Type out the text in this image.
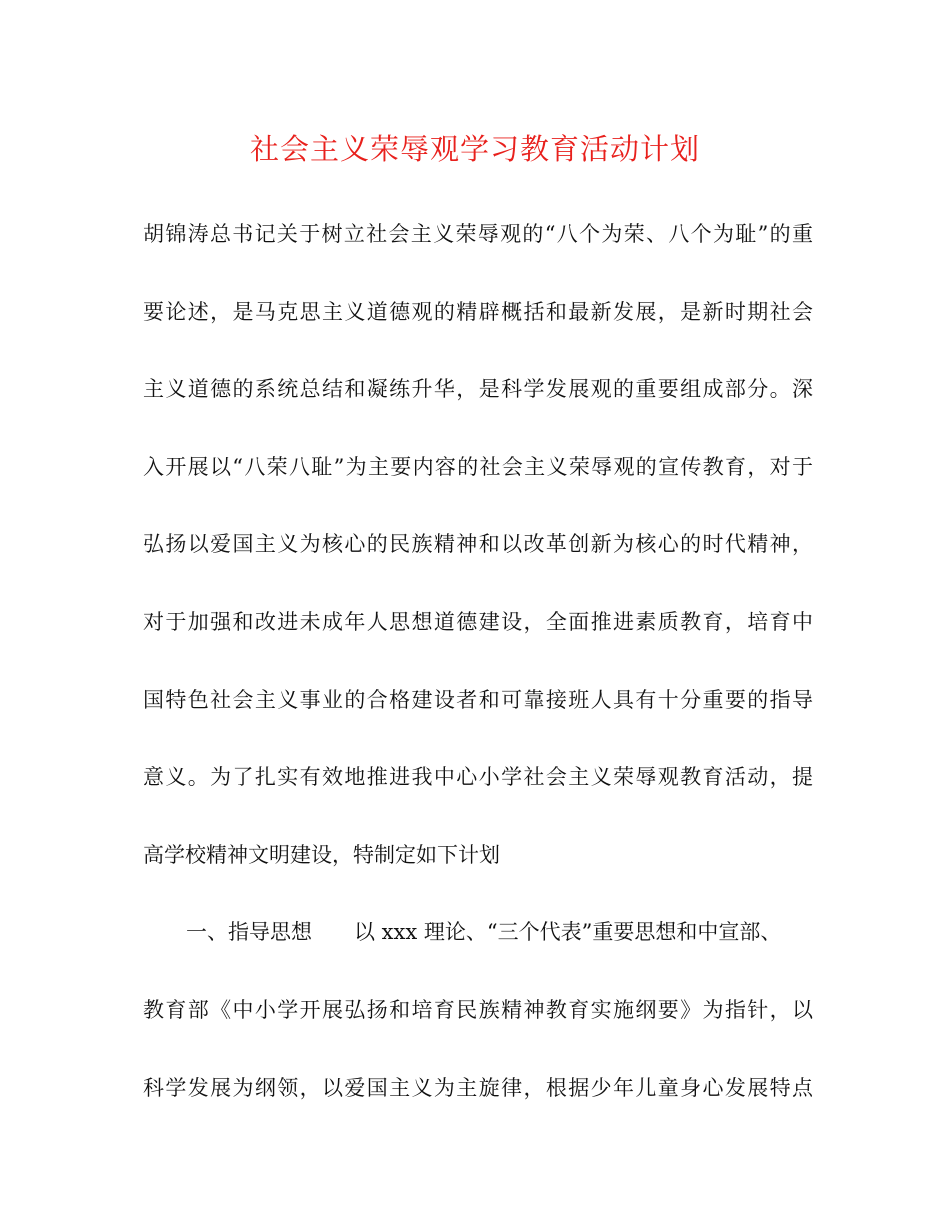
社会主义荣辱观学习教育活动计划
胡锦涛总书记关于树立社会主义荣辱观的“八个为荣、八个为耻”的重
要论述，是马克思主义道德观的精辟概括和最新发展，是新时期社会
主义道德的系统总结和凝练升华，是科学发展观的重要组成部分。深
入开展以“八荣八耻”为主要内容的社会主义荣辱观的宣传教育，对于
弘扬以爱国主义为核心的民族精神和以改革创新为核心的时代精神，
对于加强和改进未成年人思想道德建设，全面推进素质教育，培育中
国特色社会主义事业的合格建设者和可靠接班人具有十分重要的指导
意义。为了扎实有效地推进我中心小学社会主义荣辱观教育活动，提
高学校精神文明建设，特制定如下计划
一、指导思想 以 xxx 理论、“三个代表”重要思想和中宣部、
教育部《中小学开展弘扬和培育民族精神教育实施纲要》为指针，以
科学发展为纲领，以爱国主义为主旋律，根据少年儿童身心发展特点
